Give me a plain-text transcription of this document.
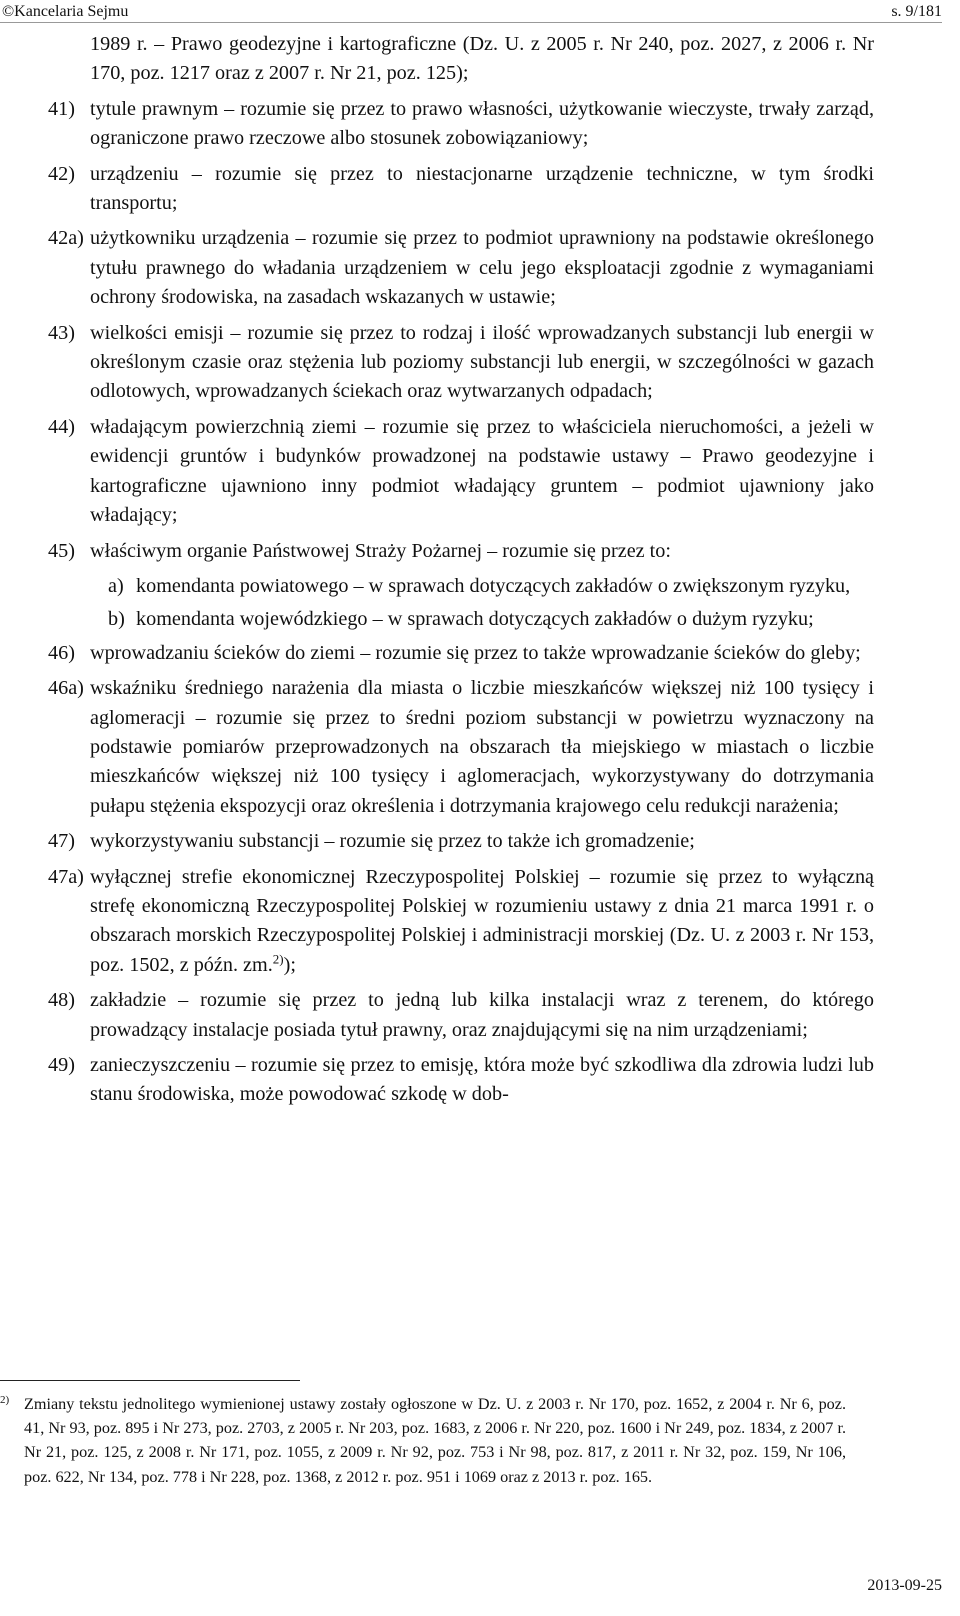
©Kancelaria Sejmu	s. 9/181

1989 r. – Prawo geodezyjne i kartograficzne (Dz. U. z 2005 r. Nr 240, poz. 2027, z 2006 r. Nr 170, poz. 1217 oraz z 2007 r. Nr 21, poz. 125);

41) tytule prawnym – rozumie się przez to prawo własności, użytkowanie wieczyste, trwały zarząd, ograniczone prawo rzeczowe albo stosunek zobowiązaniowy;
42) urządzeniu – rozumie się przez to niestacjonarne urządzenie techniczne, w tym środki transportu;
42a) użytkowniku urządzenia – rozumie się przez to podmiot uprawniony na podstawie określonego tytułu prawnego do władania urządzeniem w celu jego eksploatacji zgodnie z wymaganiami ochrony środowiska, na zasadach wskazanych w ustawie;
43) wielkości emisji – rozumie się przez to rodzaj i ilość wprowadzanych substancji lub energii w określonym czasie oraz stężenia lub poziomy substancji lub energii, w szczególności w gazach odlotowych, wprowadzanych ściekach oraz wytwarzanych odpadach;
44) władającym powierzchnią ziemi – rozumie się przez to właściciela nieruchomości, a jeżeli w ewidencji gruntów i budynków prowadzonej na podstawie ustawy – Prawo geodezyjne i kartograficzne ujawniono inny podmiot władający gruntem – podmiot ujawniony jako władający;
45) właściwym organie Państwowej Straży Pożarnej – rozumie się przez to:
a) komendanta powiatowego – w sprawach dotyczących zakładów o zwiększonym ryzyku,
b) komendanta wojewódzkiego – w sprawach dotyczących zakładów o dużym ryzyku;
46) wprowadzaniu ścieków do ziemi – rozumie się przez to także wprowadzanie ścieków do gleby;
46a) wskaźniku średniego narażenia dla miasta o liczbie mieszkańców większej niż 100 tysięcy i aglomeracji – rozumie się przez to średni poziom substancji w powietrzu wyznaczony na podstawie pomiarów przeprowadzonych na obszarach tła miejskiego w miastach o liczbie mieszkańców większej niż 100 tysięcy i aglomeracjach, wykorzystywany do dotrzymania pułapu stężenia ekspozycji oraz określenia i dotrzymania krajowego celu redukcji narażenia;
47) wykorzystywaniu substancji – rozumie się przez to także ich gromadzenie;
47a) wyłącznej strefie ekonomicznej Rzeczypospolitej Polskiej – rozumie się przez to wyłączną strefę ekonomiczną Rzeczypospolitej Polskiej w rozumieniu ustawy z dnia 21 marca 1991 r. o obszarach morskich Rzeczypospolitej Polskiej i administracji morskiej (Dz. U. z 2003 r. Nr 153, poz. 1502, z późn. zm.$^{2)}$);
48) zakładzie – rozumie się przez to jedną lub kilka instalacji wraz z terenem, do którego prowadzący instalacje posiada tytuł prawny, oraz znajdującymi się na nim urządzeniami;
49) zanieczyszczeniu – rozumie się przez to emisję, która może być szkodliwa dla zdrowia ludzi lub stanu środowiska, może powodować szkodę w dob-
2) Zmiany tekstu jednolitego wymienionej ustawy zostały ogłoszone w Dz. U. z 2003 r. Nr 170, poz. 1652, z 2004 r. Nr 6, poz. 41, Nr 93, poz. 895 i Nr 273, poz. 2703, z 2005 r. Nr 203, poz. 1683, z 2006 r. Nr 220, poz. 1600 i Nr 249, poz. 1834, z 2007 r. Nr 21, poz. 125, z 2008 r. Nr 171, poz. 1055, z 2009 r. Nr 92, poz. 753 i Nr 98, poz. 817, z 2011 r. Nr 32, poz. 159, Nr 106, poz. 622, Nr 134, poz. 778 i Nr 228, poz. 1368, z 2012 r. poz. 951 i 1069 oraz z 2013 r. poz. 165.
2013-09-25
